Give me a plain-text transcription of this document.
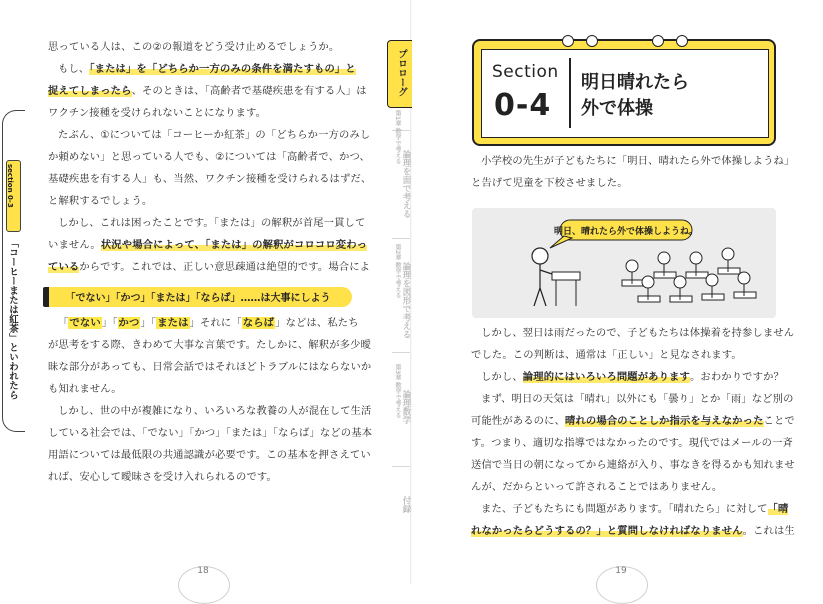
section 0-3
「コーヒーまたは紅茶」といわれたら
思っている人は、この②の報道をどう受け止めるでしょうか。
もし、「または」を「どちらか一方のみの条件を満たすもの」と
捉えてしまったら、そのときは、「高齢者で基礎疾患を有する人」は
ワクチン接種を受けられないことになります。
たぶん、①については「コーヒーか紅茶」の「どちらか一方のみし
か頼めない」と思っている人でも、②については「高齢者で、かつ、
基礎疾患を有する人」も、当然、ワクチン接種を受けられるはずだ、
と解釈するでしょう。
しかし、これは困ったことです。「または」の解釈が首尾一貫して
いません。状況や場合によって、「または」の解釈がコロコロ変わっ
ているからです。これでは、正しい意思疎通は絶望的です。場合によ
「でない」「かつ」「または」「ならば」……は大事にしよう
「でない」「かつ」「または」それに「ならば」などは、私たち
が思考をする際、きわめて大事な言葉です。たしかに、解釈が多少曖
昧な部分があっても、日常会話ではそれほどトラブルにはならないか
も知れません。
しかし、世の中が複雑になり、いろいろな教養の人が混在して生活
している社会では、「でない」「かつ」「または」「ならば」などの基本
用語については最低限の共通認識が必要です。この基本を押さえてい
れば、安心して曖昧さを受け入れられるのです。
18
Section
0-4
明日晴れたら
外で体操
小学校の先生が子どもたちに「明日、晴れたら外で体操しようね」
と告げて児童を下校させました。
明日、晴れたら外で体操しようね。
しかし、翌日は雨だったので、子どもたちは体操着を持参しません
でした。この判断は、通常は「正しい」と見なされます。
しかし、論理的にはいろいろ問題があります。おわかりですか？
まず、明日の天気は「晴れ」以外にも「曇り」とか「雨」など別の
可能性があるのに、晴れの場合のことしか指示を与えなかったことで
す。つまり、適切な指導ではなかったのです。現代ではメールの一斉
送信で当日の朝になってから連絡が入り、事なきを得るかも知れませ
んが、だからといって許されることではありません。
また、子どもたちにも問題があります。「晴れたら」に対して「晴
れなかったらどうするの？」と質問しなければなりません。これは生
19
プロローグ
第1章 数学で考える
論理を面で考える
第2章 数学で考える 論理を図形で考える
第3章 数学で考える 論理数学
付録
